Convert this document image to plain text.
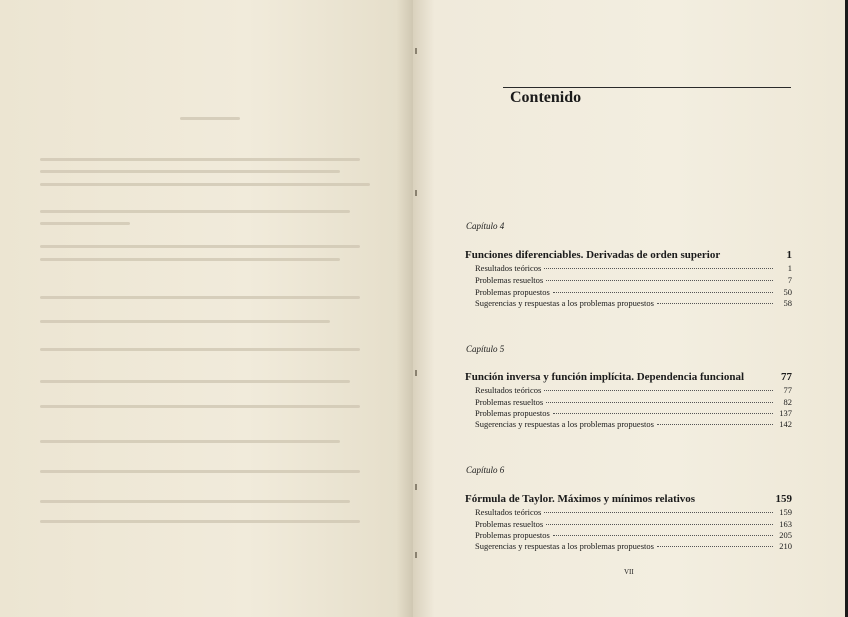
Contenido
Capítulo 4
Funciones diferenciables. Derivadas de orden superior	1
Resultados teóricos	1
Problemas resueltos	7
Problemas propuestos	50
Sugerencias y respuestas a los problemas propuestos	58
Capítulo 5
Función inversa y función implícita. Dependencia funcional	77
Resultados teóricos	77
Problemas resueltos	82
Problemas propuestos	137
Sugerencias y respuestas a los problemas propuestos	142
Capítulo 6
Fórmula de Taylor. Máximos y mínimos relativos	159
Resultados teóricos	159
Problemas resueltos	163
Problemas propuestos	205
Sugerencias y respuestas a los problemas propuestos	210
VII
